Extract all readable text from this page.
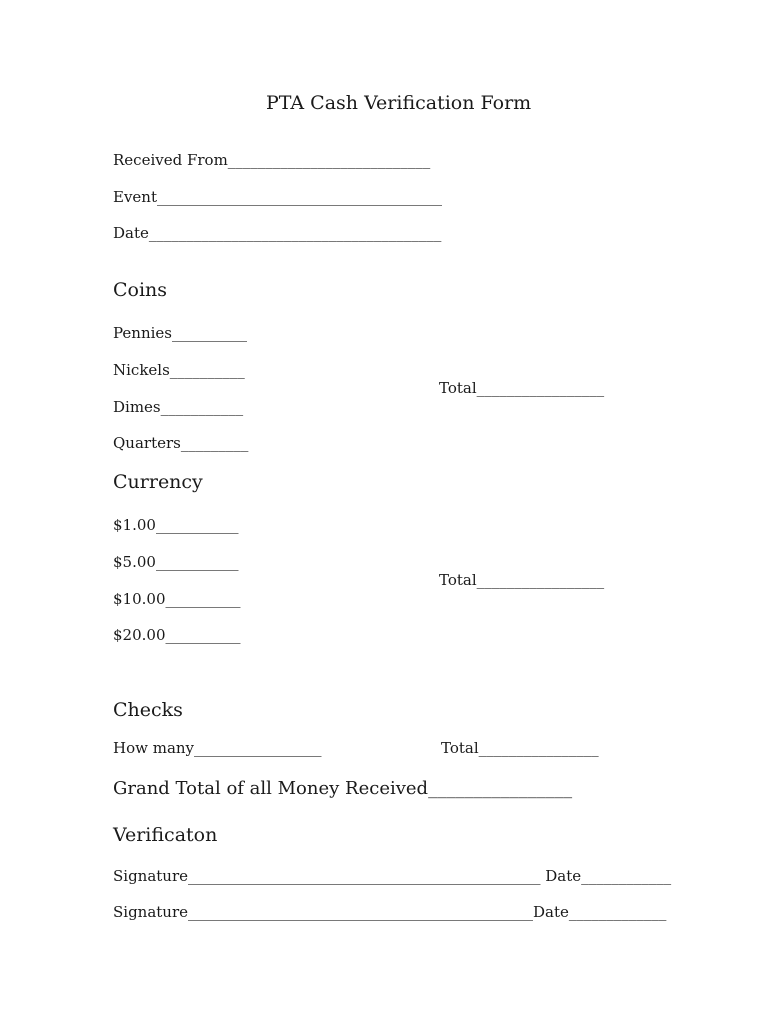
PTA Cash Verification Form
Received From___________________________
Event______________________________________
Date_______________________________________
Coins
Pennies__________
Nickels__________
Dimes___________
Quarters_________
Total_________________
Currency
$1.00___________
$5.00___________
$10.00__________
$20.00__________
Total_________________
Checks
How many_________________	Total________________
Grand Total of all Money Received________________
Verificaton
Signature_______________________________________________ Date____________
Signature______________________________________________Date_____________
